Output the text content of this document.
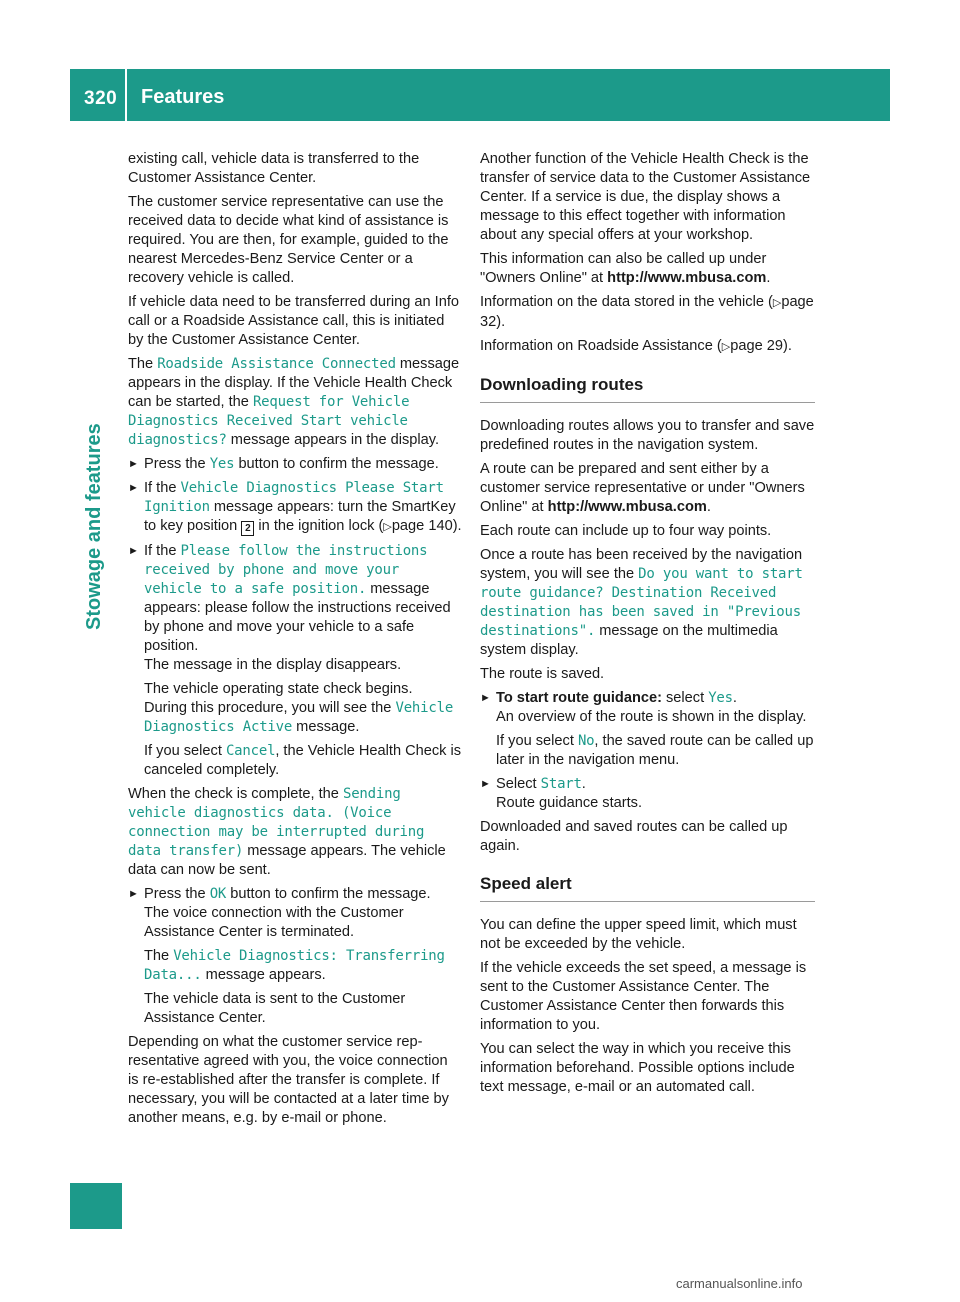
320 Features
Stowage and features

existing call, vehicle data is transferred to the Customer Assistance Center.

The customer service representative can use the received data to decide what kind of assistance is required. You are then, for example, guided to the nearest Mercedes-Benz Service Center or a recovery vehicle is called.

If vehicle data need to be transferred during an Info call or a Roadside Assistance call, this is initiated by the Customer Assistance Center.

The Roadside Assistance Connected message appears in the display. If the Vehicle Health Check can be started, the Request for Vehicle Diagnostics Received Start vehicle diagnostics? message appears in the display.

► Press the Yes button to confirm the message.
► If the Vehicle Diagnostics Please Start Ignition message appears: turn the SmartKey to key position 2 in the ignition lock (▷page 140).
► If the Please follow the instructions received by phone and move your vehicle to a safe position. message appears: please follow the instructions received by phone and move your vehicle to a safe position.
The message in the display disappears.

The vehicle operating state check begins.
During this procedure, you will see the Vehicle Diagnostics Active message.

If you select Cancel, the Vehicle Health Check is canceled completely.

When the check is complete, the Sending vehicle diagnostics data. (Voice connection may be interrupted during data transfer) message appears. The vehicle data can now be sent.

► Press the OK button to confirm the message.
The voice connection with the Customer Assistance Center is terminated.

The Vehicle Diagnostics: Transferring Data... message appears.

The vehicle data is sent to the Customer Assistance Center.

Depending on what the customer service representative agreed with you, the voice connection is re-established after the transfer is complete. If necessary, you will be contacted at a later time by another means, e.g. by e-mail or phone.

Another function of the Vehicle Health Check is the transfer of service data to the Customer Assistance Center. If a service is due, the display shows a message to this effect together with information about any special offers at your workshop.

This information can also be called up under "Owners Online" at http://www.mbusa.com.

Information on the data stored in the vehicle (▷page 32).

Information on Roadside Assistance (▷page 29).

Downloading routes

Downloading routes allows you to transfer and save predefined routes in the navigation system.

A route can be prepared and sent either by a customer service representative or under "Owners Online" at http://www.mbusa.com.

Each route can include up to four way points.

Once a route has been received by the navigation system, you will see the Do you want to start route guidance? Destination Received destination has been saved in "Previous destinations". message on the multimedia system display.

The route is saved.

► To start route guidance: select Yes.
An overview of the route is shown in the display.

If you select No, the saved route can be called up later in the navigation menu.

► Select Start.
Route guidance starts.

Downloaded and saved routes can be called up again.

Speed alert

You can define the upper speed limit, which must not be exceeded by the vehicle.

If the vehicle exceeds the set speed, a message is sent to the Customer Assistance Center. The Customer Assistance Center then forwards this information to you.

You can select the way in which you receive this information beforehand. Possible options include text message, e-mail or an automated call.

carmanualsonline.info
